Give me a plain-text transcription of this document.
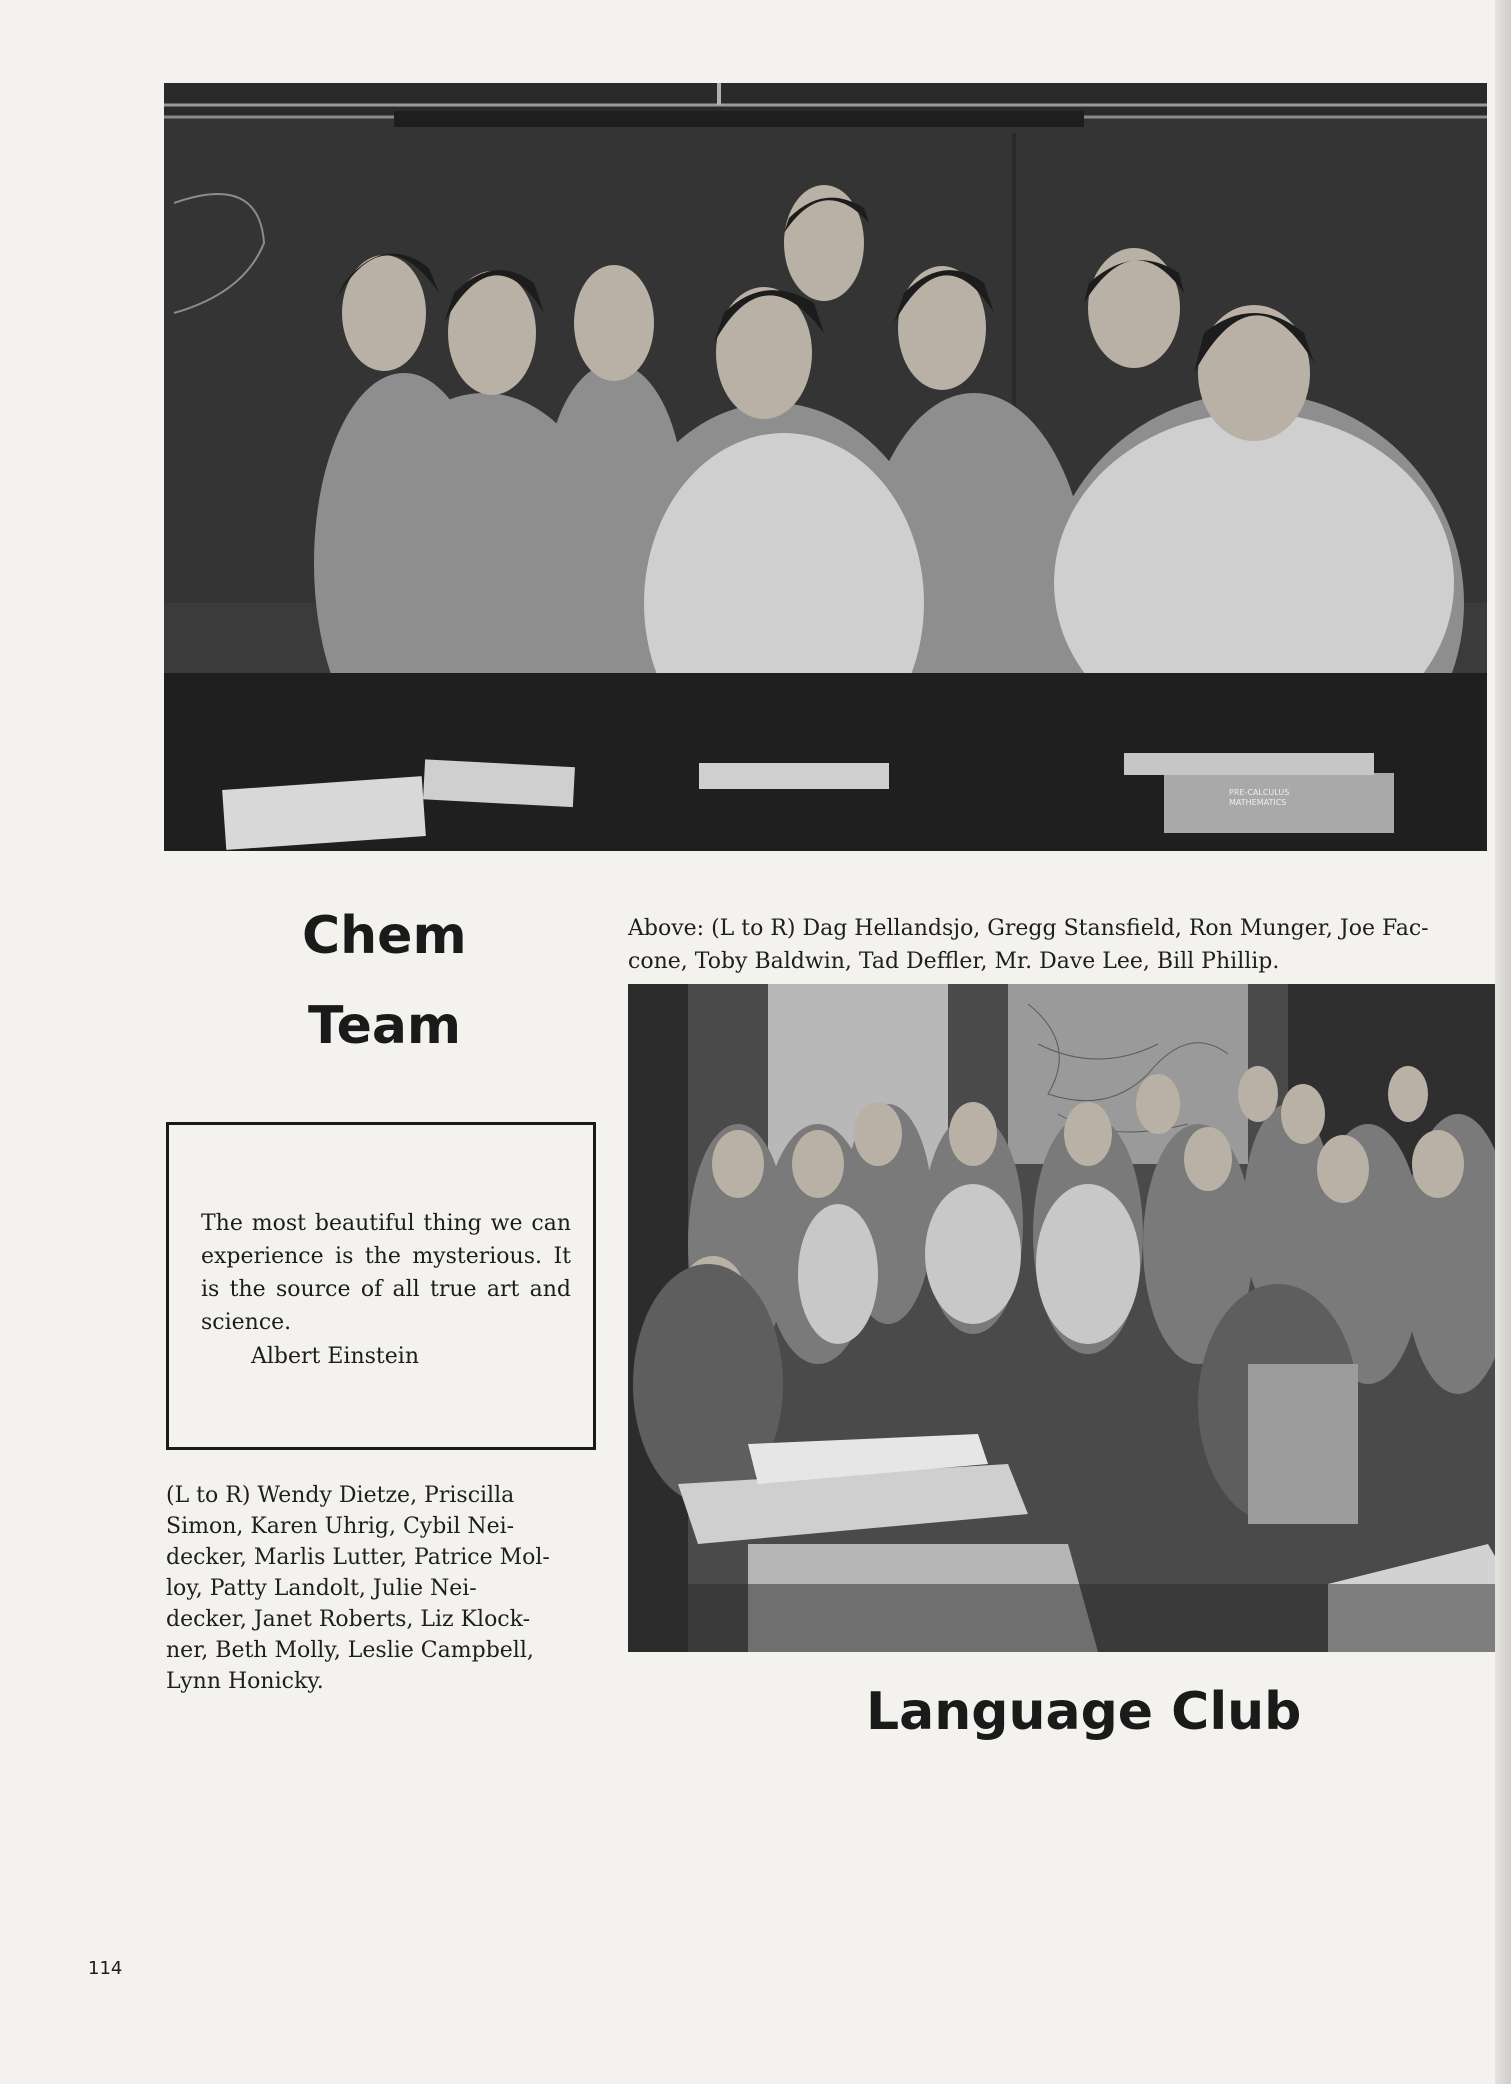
PRE-CALCULUS
MATHEMATICS
Chem
Team
Above: (L to R) Dag Hellandsjo, Gregg Stansfield, Ron Munger, Joe Fac-
cone, Toby Baldwin, Tad Deffler, Mr. Dave Lee, Bill Phillip.
The most beautiful thing we can experience is the mysterious. It is the source of all true art and science.
Albert Einstein
(L to R) Wendy Dietze, Priscilla
Simon, Karen Uhrig, Cybil Nei-
decker, Marlis Lutter, Patrice Mol-
loy, Patty Landolt, Julie Nei-
decker, Janet Roberts, Liz Klock-
ner, Beth Molly, Leslie Campbell,
Lynn Honicky.
Language Club
114
